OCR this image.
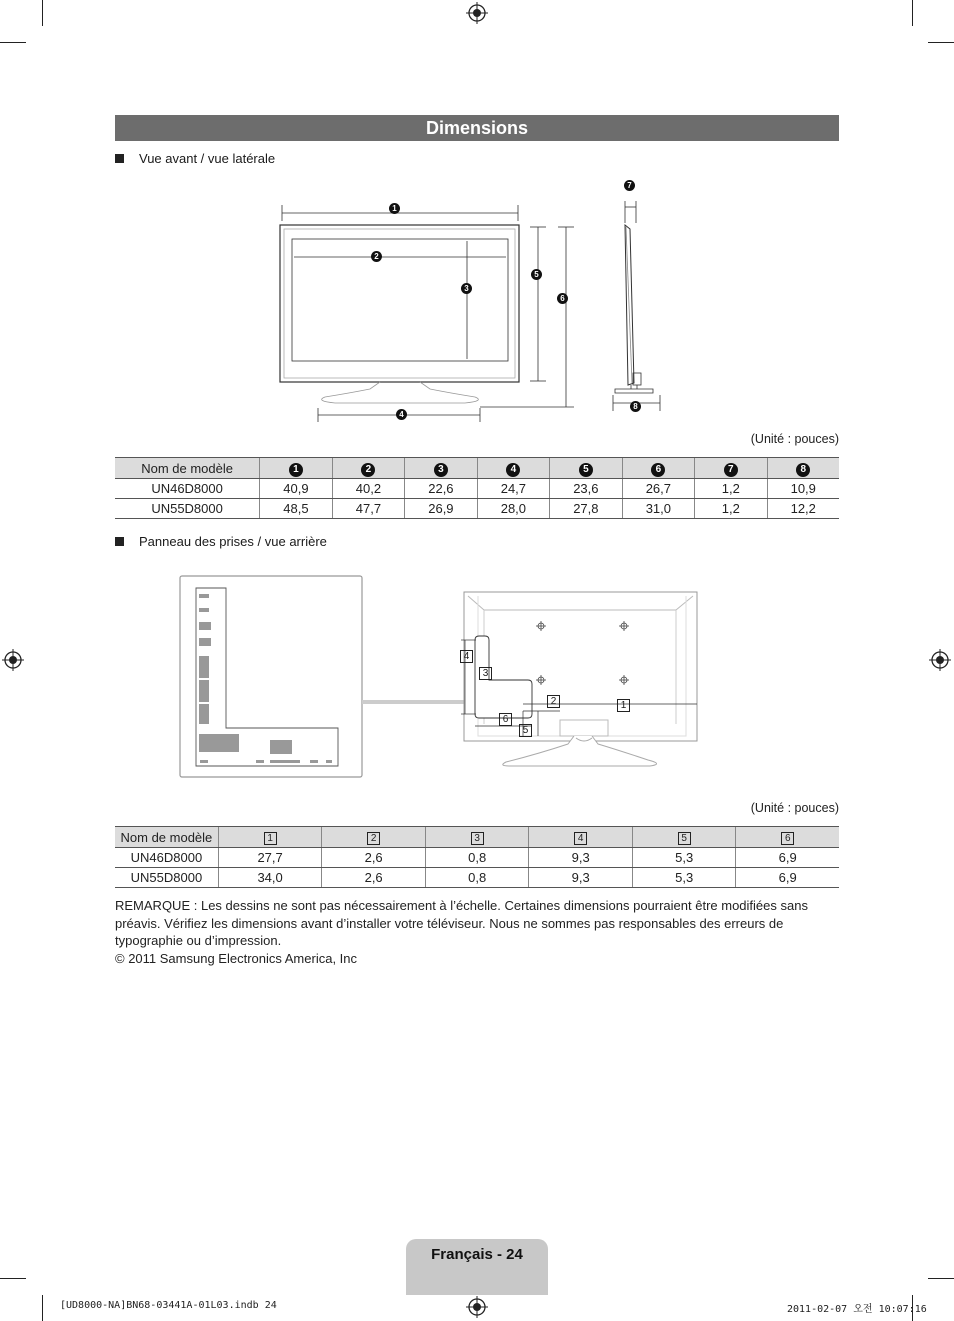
Dimensions
Vue avant / vue latérale
1
2
3
4
5
6
7
8
(Unité : pouces)
Nom de modèle	1	2	3	4	5	6	7	8
UN46D8000	40,9	40,2	22,6	24,7	23,6	26,7	1,2	10,9
UN55D8000	48,5	47,7	26,9	28,0	27,8	31,0	1,2	12,2
Panneau des prises / vue arrière
1
2
3
4
5
6
(Unité : pouces)
Nom de modèle	1	2	3	4	5	6
UN46D8000	27,7	2,6	0,8	9,3	5,3	6,9
UN55D8000	34,0	2,6	0,8	9,3	5,3	6,9
REMARQUE : Les dessins ne sont pas nécessairement à l’échelle. Certaines dimensions pourraient être modifiées sans préavis. Vérifiez les dimensions avant d’installer votre téléviseur. Nous ne sommes pas responsables des erreurs de typographie ou d’impression.
© 2011 Samsung Electronics America, Inc
Français - 24
[UD8000-NA]BN68-03441A-01L03.indb 24	2011-02-07 오전 10:07:16
